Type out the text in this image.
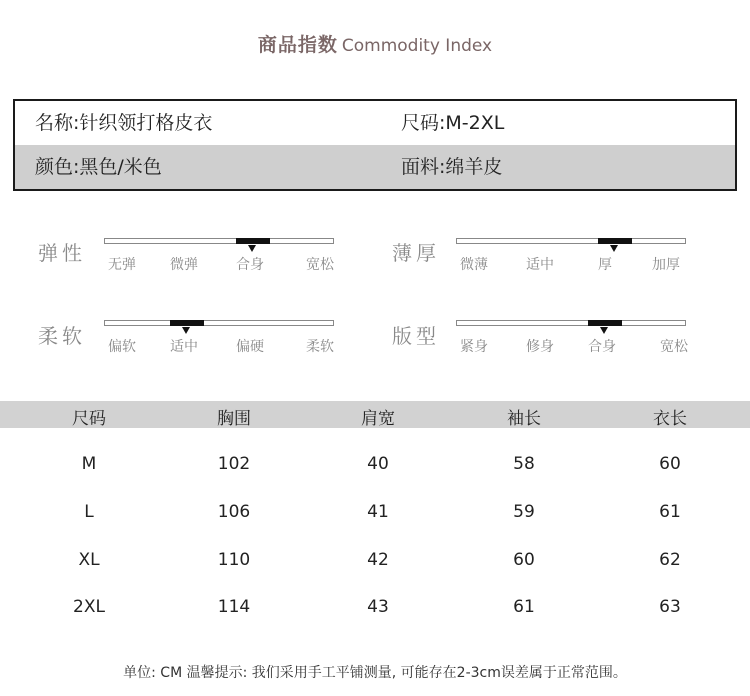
商品指数 Commodity Index
名称:针织领打格皮衣	尺码:M-2XL
颜色:黑色/米色	面料:绵羊皮
弹性 无弹 微弹	合身	宽松	薄厚 微薄	适中	厚	加厚
柔软 偏软 适中	偏硬	柔软	版型 紧身	修身 合身	宽松
尺码	胸围	肩宽	袖长	衣长
M	102	40	58	60
L	106	41	59	61
XL	110	42	60	62
2XL	114	43	61	63
单位: CM 温馨提示: 我们采用手工平铺测量, 可能存在2-3cm误差属于正常范围。
